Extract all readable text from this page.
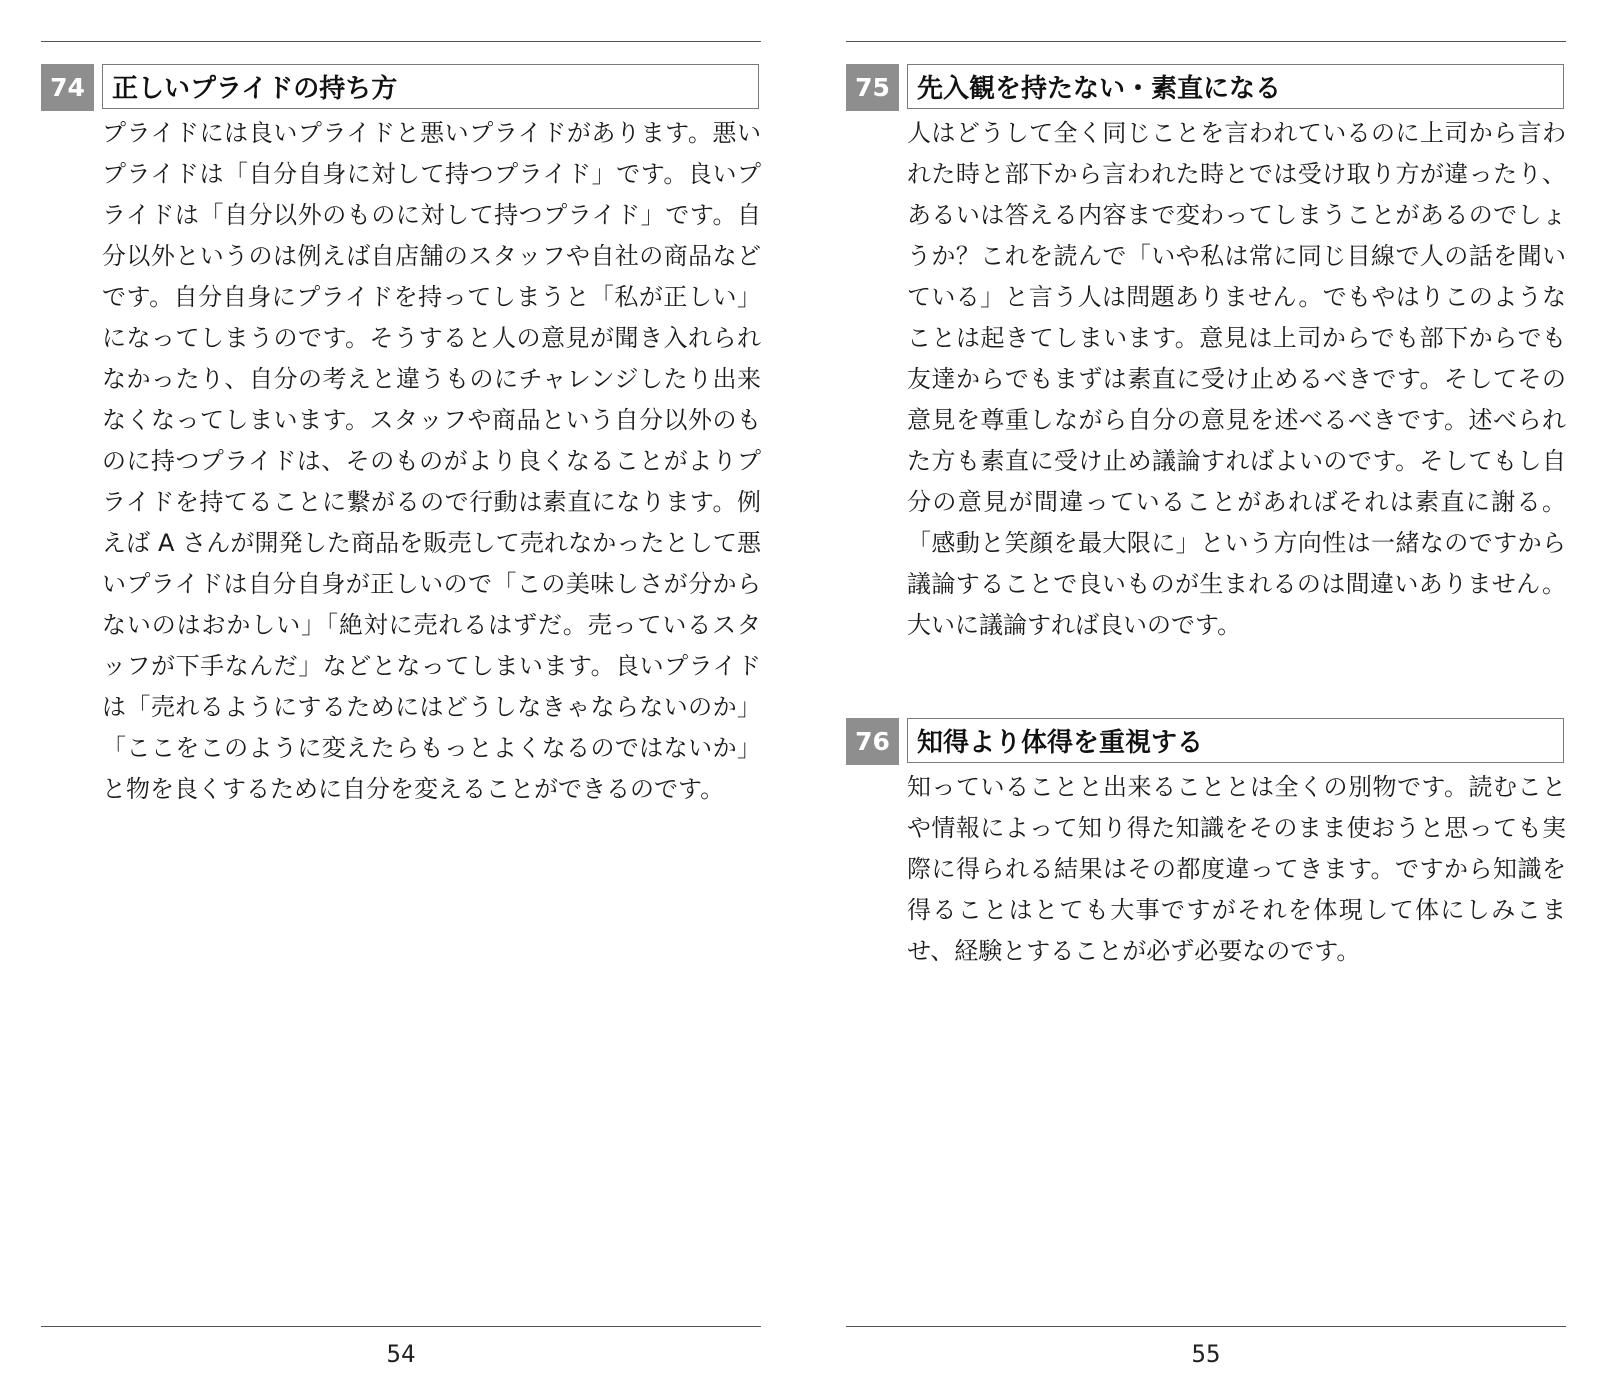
74	正しいプライドの持ち方
プライドには良いプライドと悪いプライドがあります。悪いプライドは「自分自身に対して持つプライド」です。良いプライドは「自分以外のものに対して持つプライド」です。自分以外というのは例えば自店舗のスタッフや自社の商品などです。自分自身にプライドを持ってしまうと「私が正しい」になってしまうのです。そうすると人の意見が聞き入れられなかったり、自分の考えと違うものにチャレンジしたり出来なくなってしまいます。スタッフや商品という自分以外のものに持つプライドは、そのものがより良くなることがよりプライドを持てることに繋がるので行動は素直になります。例えば A さんが開発した商品を販売して売れなかったとして悪いプライドは自分自身が正しいので「この美味しさが分からないのはおかしい」「絶対に売れるはずだ。売っているスタッフが下手なんだ」などとなってしまいます。良いプライドは「売れるようにするためにはどうしなきゃならないのか」「ここをこのように変えたらもっとよくなるのではないか」と物を良くするために自分を変えることができるのです。
54
75	先入観を持たない・素直になる
人はどうして全く同じことを言われているのに上司から言われた時と部下から言われた時とでは受け取り方が違ったり、あるいは答える内容まで変わってしまうことがあるのでしょうか？これを読んで「いや私は常に同じ目線で人の話を聞いている」と言う人は問題ありません。でもやはりこのようなことは起きてしまいます。意見は上司からでも部下からでも友達からでもまずは素直に受け止めるべきです。そしてその意見を尊重しながら自分の意見を述べるべきです。述べられた方も素直に受け止め議論すればよいのです。そしてもし自分の意見が間違っていることがあればそれは素直に謝る。「感動と笑顔を最大限に」という方向性は一緒なのですから議論することで良いものが生まれるのは間違いありません。大いに議論すれば良いのです。
76	知得より体得を重視する
知っていることと出来ることとは全くの別物です。読むことや情報によって知り得た知識をそのまま使おうと思っても実際に得られる結果はその都度違ってきます。ですから知識を得ることはとても大事ですがそれを体現して体にしみこませ、経験とすることが必ず必要なのです。
55
